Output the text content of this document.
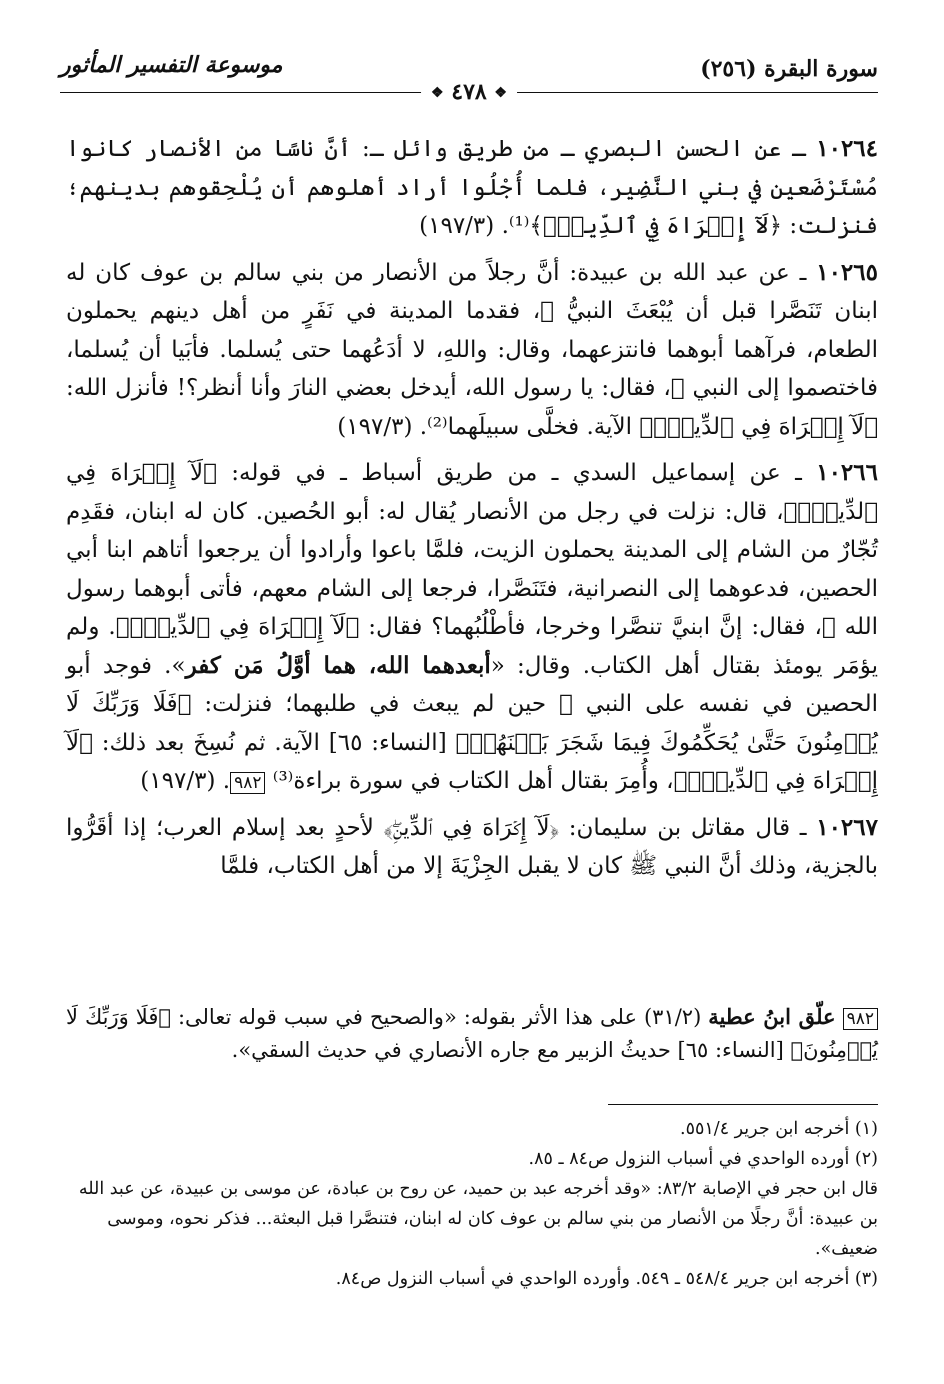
سورة البقرة (٢٥٦)
موسوعة التفسير المأثور
❖ ٤٧٨ ❖

١٠٢٦٤ ـ عن الحسن البصري ـ من طريق وائل ـ: أنَّ ناسًا من الأنصار كانوا مُسْتَرْضَعين في بني النَّضِير، فلما أُجْلُوا أراد أهلوهم أن يُلْحِقوهم بدينهم؛ فنزلت: ﴿لَآ إِكۡرَاهَ فِي ٱلدِّينِۖ﴾⁽¹⁾. (١٩٧/٣)

١٠٢٦٥ ـ عن عبد الله بن عبيدة: أنَّ رجلاً من الأنصار من بني سالم بن عوف كان له ابنان تَنَصَّرا قبل أن يُبْعَثَ النبيُّ ﷺ، فقدما المدينة في نَفَرٍ من أهل دينهم يحملون الطعام، فرآهما أبوهما فانتزعهما، وقال: واللهِ، لا أدَعُهما حتى يُسلما. فأبَيا أن يُسلما، فاختصموا إلى النبي ﷺ، فقال: يا رسول الله، أيدخل بعضي النارَ وأنا أنظر؟! فأنزل الله: ﴿لَآ إِكۡرَاهَ فِي ٱلدِّينِۖ﴾ الآية. فخلَّى سبيلَهما⁽²⁾. (١٩٧/٣)

١٠٢٦٦ ـ عن إسماعيل السدي ـ من طريق أسباط ـ في قوله: ﴿لَآ إِكۡرَاهَ فِي ٱلدِّينِۖ﴾، قال: نزلت في رجل من الأنصار يُقال له: أبو الحُصين. كان له ابنان، فقَدِم تُجّارٌ من الشام إلى المدينة يحملون الزيت، فلمَّا باعوا وأرادوا أن يرجعوا أتاهم ابنا أبي الحصين، فدعوهما إلى النصرانية، فتَنَصَّرا، فرجعا إلى الشام معهم، فأتى أبوهما رسول الله ﷺ، فقال: إنَّ ابنيَّ تنصَّرا وخرجا، فأطْلُبُهما؟ فقال: ﴿لَآ إِكۡرَاهَ فِي ٱلدِّينِۖ﴾. ولم يؤمَر يومئذ بقتال أهل الكتاب. وقال: «أبعدهما الله، هما أوَّلُ مَن كفر». فوجد أبو الحصين في نفسه على النبي ﷺ حين لم يبعث في طلبهما؛ فنزلت: ﴿فَلَا وَرَبِّكَ لَا يُؤۡمِنُونَ حَتَّىٰ يُحَكِّمُوكَ فِيمَا شَجَرَ بَيۡنَهُمۡ﴾ [النساء: ٦٥] الآية. ثم نُسِخَ بعد ذلك: ﴿لَآ إِكۡرَاهَ فِي ٱلدِّينِۖ﴾، وأُمِرَ بقتال أهل الكتاب في سورة براءة⁽³⁾ ٩٨٢. (١٩٧/٣)

١٠٢٦٧ ـ قال مقاتل بن سليمان: ﴿لَآ إِكۡرَاهَ فِي ٱلدِّينِۖ﴾ لأحدٍ بعد إسلام العرب؛ إذا أقَرُّوا بالجزية، وذلك أنَّ النبي ﷺ كان لا يقبل الجِزْيَةَ إلا من أهل الكتاب، فلمَّا

٩٨٢ علّق ابنُ عطية (٣١/٢) على هذا الأثر بقوله: «والصحيح في سبب قوله تعالى: ﴿فَلَا وَرَبِّكَ لَا يُؤۡمِنُونَ﴾ [النساء: ٦٥] حديثُ الزبير مع جاره الأنصاري في حديث السقي».

(١) أخرجه ابن جرير ٥٥١/٤.

(٢) أورده الواحدي في أسباب النزول ص٨٤ ـ ٨٥.

قال ابن حجر في الإصابة ٨٣/٢: «وقد أخرجه عبد بن حميد، عن روح بن عبادة، عن موسى بن عبيدة، عن عبد الله بن عبيدة: أنَّ رجلًا من الأنصار من بني سالم بن عوف كان له ابنان، فتنصَّرا قبل البعثة... فذكر نحوه، وموسى ضعيف».

(٣) أخرجه ابن جرير ٥٤٨/٤ ـ ٥٤٩. وأورده الواحدي في أسباب النزول ص٨٤.
